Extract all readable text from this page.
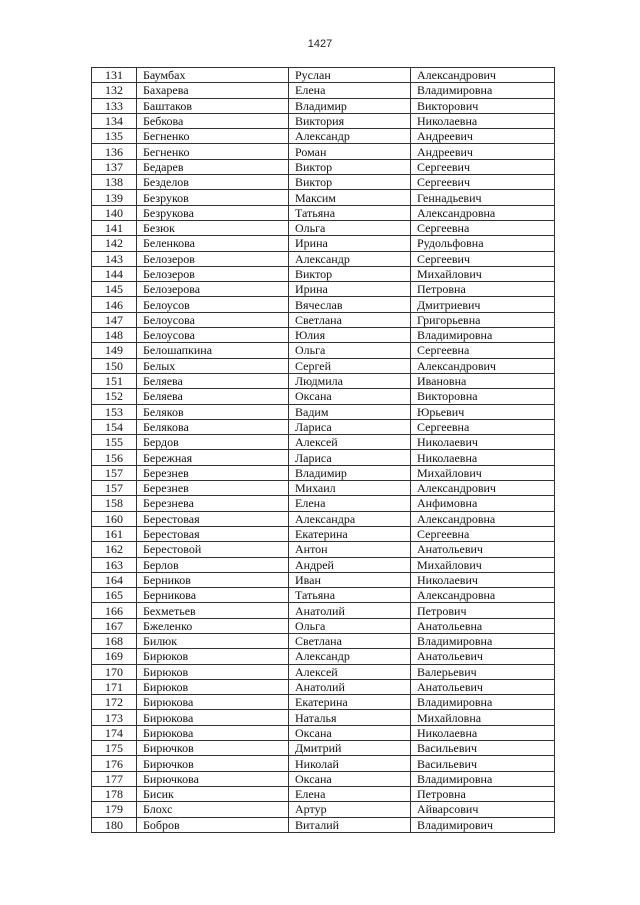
1427
131	Баумбах	Руслан	Александрович
132	Бахарева	Елена	Владимировна
133	Баштаков	Владимир	Викторович
134	Бебкова	Виктория	Николаевна
135	Бегненко	Александр	Андреевич
136	Бегненко	Роман	Андреевич
137	Бедарев	Виктор	Сергеевич
138	Безделов	Виктор	Сергеевич
139	Безруков	Максим	Геннадьевич
140	Безрукова	Татьяна	Александровна
141	Безюк	Ольга	Сергеевна
142	Беленкова	Ирина	Рудольфовна
143	Белозеров	Александр	Сергеевич
144	Белозеров	Виктор	Михайлович
145	Белозерова	Ирина	Петровна
146	Белоусов	Вячеслав	Дмитриевич
147	Белоусова	Светлана	Григорьевна
148	Белоусова	Юлия	Владимировна
149	Белошапкина	Ольга	Сергеевна
150	Белых	Сергей	Александрович
151	Беляева	Людмила	Ивановна
152	Беляева	Оксана	Викторовна
153	Беляков	Вадим	Юрьевич
154	Белякова	Лариса	Сергеевна
155	Бердов	Алексей	Николаевич
156	Бережная	Лариса	Николаевна
157	Березнев	Владимир	Михайлович
157	Березнев	Михаил	Александрович
158	Березнева	Елена	Анфимовна
160	Берестовая	Александра	Александровна
161	Берестовая	Екатерина	Сергеевна
162	Берестовой	Антон	Анатольевич
163	Берлов	Андрей	Михайлович
164	Берников	Иван	Николаевич
165	Берникова	Татьяна	Александровна
166	Бехметьев	Анатолий	Петрович
167	Бжеленко	Ольга	Анатольевна
168	Билюк	Светлана	Владимировна
169	Бирюков	Александр	Анатольевич
170	Бирюков	Алексей	Валерьевич
171	Бирюков	Анатолий	Анатольевич
172	Бирюкова	Екатерина	Владимировна
173	Бирюкова	Наталья	Михайловна
174	Бирюкова	Оксана	Николаевна
175	Бирючков	Дмитрий	Васильевич
176	Бирючков	Николай	Васильевич
177	Бирючкова	Оксана	Владимировна
178	Бисик	Елена	Петровна
179	Блохс	Артур	Айварсович
180	Бобров	Виталий	Владимирович
